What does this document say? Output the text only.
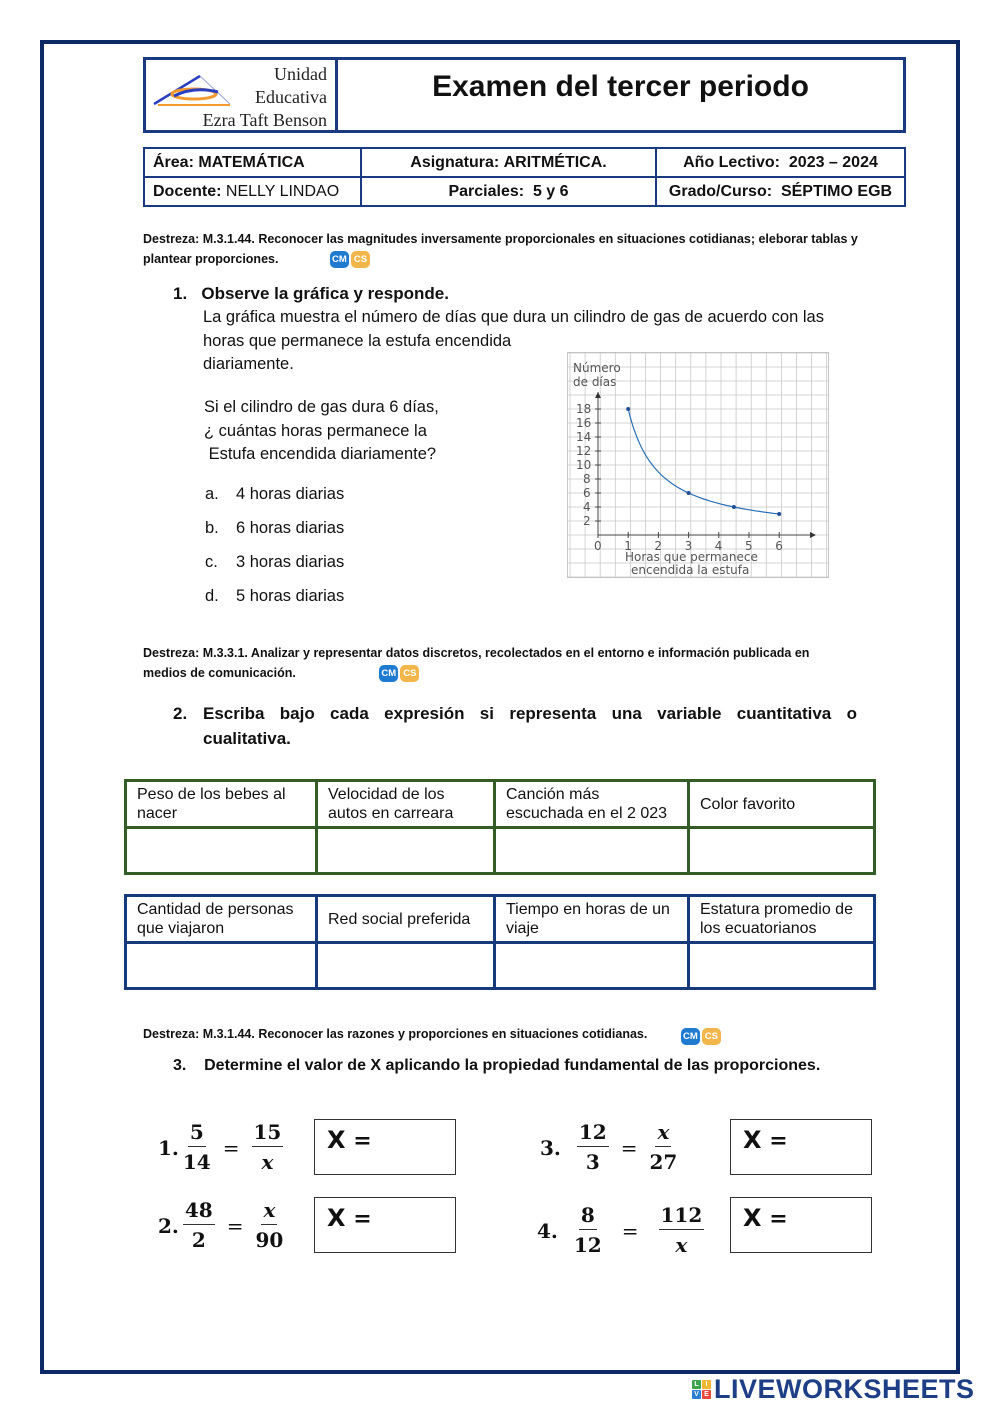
Unidad
Educativa
Ezra Taft Benson
Examen del tercer periodo
Área: MATEMÁTICA	Asignatura: ARITMÉTICA.	Año Lectivo: 2023 – 2024
Docente: NELLY LINDAO	Parciales: 5 y 6	Grado/Curso: SÉPTIMO EGB
Destreza: M.3.1.44. Reconocer las magnitudes inversamente proporcionales en situaciones cotidianas; eleborar tablas y
plantear proporciones.	CM CS
1. Observe la gráfica y responde.
La gráfica muestra el número de días que dura un cilindro de gas de acuerdo con las
horas que permanece la estufa encendida
diariamente.
Si el cilindro de gas dura 6 días,
¿ cuántas horas permanece la
Estufa encendida diariamente?
a.	4 horas diarias
b.	6 horas diarias
c.	3 horas diarias
d.	5 horas diarias
0 1 2 3 4 5 6
2
4
6
8
10
12
14
16
18
Número
de días
Horas que permanece
encendida la estufa
Destreza: M.3.3.1. Analizar y representar datos discretos, recolectados en el entorno e información publicada en
medios de comunicación.	CM CS
2. Escriba bajo cada expresión si representa una variable cuantitativa o
cualitativa.
Peso de los bebes al nacer	Velocidad de los autos en carreara	Canción más escuchada en el 2 023	Color favorito

Cantidad de personas que viajaron	Red social preferida	Tiempo en horas de un viaje	Estatura promedio de los ecuatorianos

Destreza: M.3.1.44. Reconocer las razones y proporciones en situaciones cotidianas.	CM CS
3. Determine el valor de X aplicando la propiedad fundamental de las proporciones.
1. $\frac{5}{14} = \frac{15}{x}$	X =
2. $\frac{48}{2} = \frac{x}{90}$	X =
3. $\frac{12}{3} = \frac{x}{27}$	X =
4. $\frac{8}{12} = \frac{112}{x}$	X =
L I
V E LIVEWORKSHEETS
